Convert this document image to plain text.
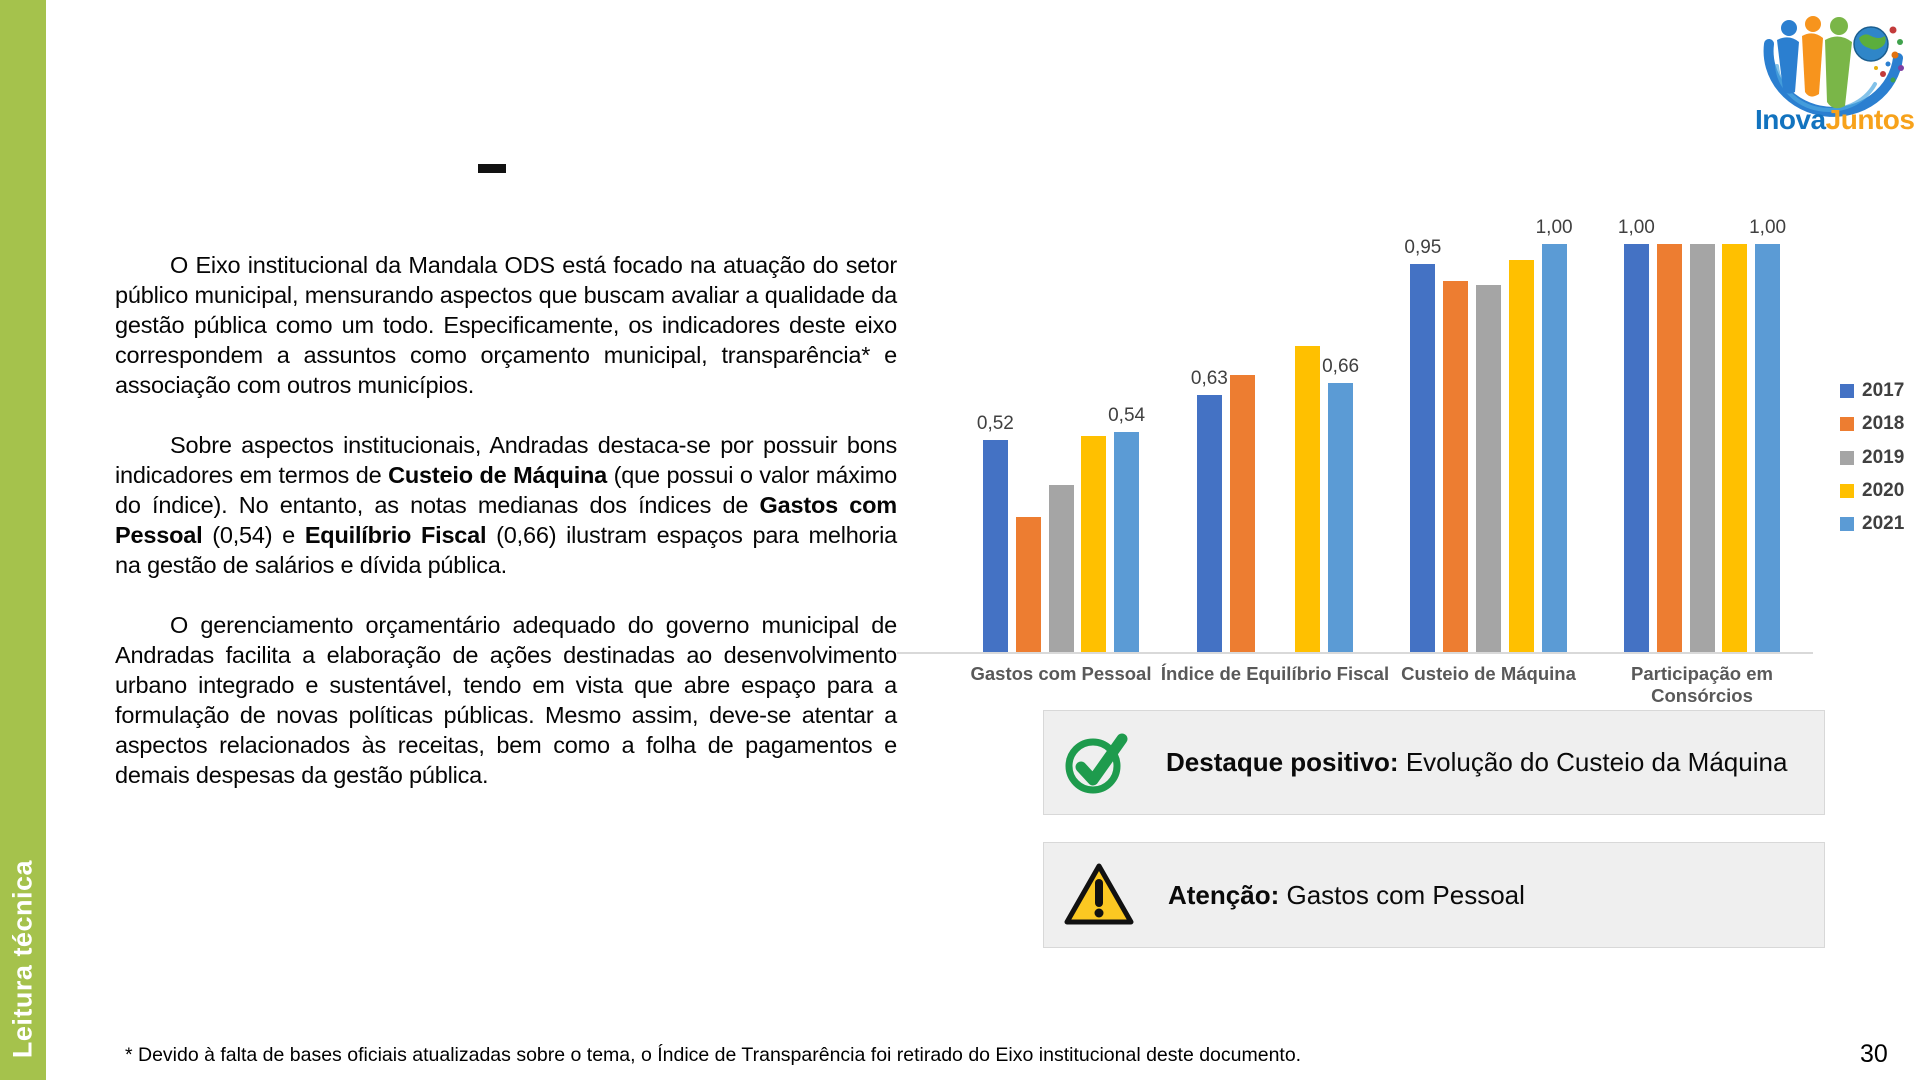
Leitura técnica
InovaJuntos

O Eixo institucional da Mandala ODS está focado na atuação do setor público municipal, mensurando aspectos que buscam avaliar a qualidade da gestão pública como um todo. Especificamente, os indicadores deste eixo correspondem a assuntos como orçamento municipal, transparência* e associação com outros municípios.

Sobre aspectos institucionais, Andradas destaca-se por possuir bons indicadores em termos de Custeio de Máquina (que possui o valor máximo do índice). No entanto, as notas medianas dos índices de Gastos com Pessoal (0,54) e Equilíbrio Fiscal (0,66) ilustram espaços para melhoria na gestão de salários e dívida pública.

O gerenciamento orçamentário adequado do governo municipal de Andradas facilita a elaboração de ações destinadas ao desenvolvimento urbano integrado e sustentável, tendo em vista que abre espaço para a formulação de novas políticas públicas. Mesmo assim, deve-se atentar a aspectos relacionados às receitas, bem como a folha de pagamentos e demais despesas da gestão pública.

0,52
0,63
0,95
1,00
0,54
0,66
1,00	1,00
Gastos com Pessoal Índice de Equilíbrio Fiscal Custeio de Máquina	Participação em Consórcios
2017
2018
2019
2020
2021
Destaque positivo: Evolução do Custeio da Máquina
Atenção: Gastos com Pessoal
* Devido à falta de bases oficiais atualizadas sobre o tema, o Índice de Transparência foi retirado do Eixo institucional deste documento.	30
